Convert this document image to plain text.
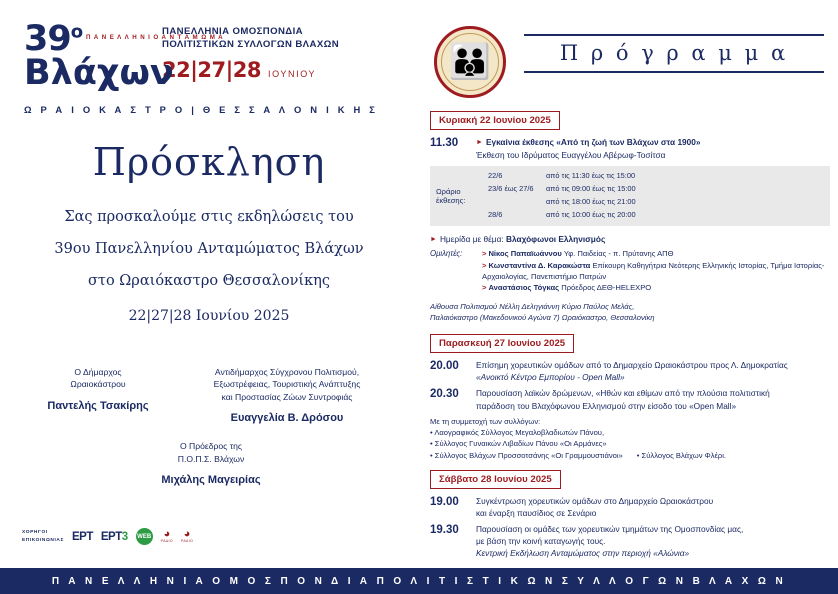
39$^o$ Π Α Ν Ε Λ Λ Η Ν Ι Ο Α Ν Τ Α Μ Ω Μ Α
Βλάχων
ΠΑΝΕΛΛΗΝΙΑ ΟΜΟΣΠΟΝΔΙΑ
ΠΟΛΙΤΙΣΤΙΚΩΝ ΣΥΛΛΟΓΩΝ ΒΛΑΧΩΝ
22|27|28 ΙΟΥΝΙΟΥ
Ω Ρ Α Ι Ο Κ Α Σ Τ Ρ Ο | Θ Ε Σ Σ Α Λ Ο Ν Ι Κ Η Σ
Πρόσκληση

Σας προσκαλούμε στις εκδηλώσεις του

39ου Πανελληνίου Ανταμώματος Βλάχων

στο Ωραιόκαστρο Θεσσαλονίκης

22|27|28 Ιουνίου 2025

Ο Δήμαρχος
Ωραιοκάστρου
Παντελής Τσακίρης
Αντιδήμαρχος Σύγχρονου Πολιτισμού,
Εξωστρέφειας, Τουριστικής Ανάπτυξης
και Προστασίας Ζώων Συντροφιάς
Ευαγγελία Β. Δρόσου
Ο Πρόεδρος της
Π.Ο.Π.Σ. Βλάχων
Μιχάλης Μαγειρίας
ΧΟΡΗΓΟΙ
ΕΠΙΚΟΙΝΩΝΙΑΣ ΕΡΤ ΕΡΤ3 WEB ◕
ΡΑΔΙΟ
◕
ΡΑΔΙΟ
👪	Π ρ ό γ ρ α μ μ α
Κυριακή 22 Ιουνίου 2025
11.30	► Εγκαίνια έκθεσης «Από τη ζωή των Βλάχων στα 1900»
Έκθεση του Ιδρύματος Ευαγγέλου Αβέρωφ-Τοσίτσα
Ωράριο έκθεσης:
22/6	από τις 11:30 έως τις 15:00
23/6 έως 27/6	από τις 09:00 έως τις 15:00
από τις 18:00 έως τις 21:00
28/6	από τις 10:00 έως τις 20:00
► Ημερίδα με θέμα: Βλαχόφωνοι Ελληνισμός
Ομιλητές:	> Νίκος Παπαϊωάννου Υφ. Παιδείας - π. Πρύτανης ΑΠΘ
> Κωνσταντίνα Δ. Καρακώστα Επίκουρη Καθηγήτρια Νεότερης Ελληνικής Ιστορίας, Τμήμα Ιστορίας-Αρχαιολογίας, Πανεπιστήμιο Πατρών
> Αναστάσιος Τόγκας Πρόεδρος ΔΕΘ-HELEXPO
Αίθουσα Πολιτισμού Νέλλη Δεληγιάννη Κύριο Παύλος Μελάς,
Παλαιόκαστρο (Μακεδονικού Αγώνα 7) Ωραιόκαστρο, Θεσσαλονίκη
Παρασκευή 27 Ιουνίου 2025
20.00	Επίσημη χορευτικών ομάδων από το Δημαρχείο Ωραιοκάστρου προς Λ. Δημοκρατίας
«Ανοικτό Κέντρο Εμπορίου - Open Mall»
20.30	Παρουσίαση λαϊκών δρώμενων, «Ηθών και εθίμων από την πλούσια πολιτιστική
παράδοση του Βλαχόφωνου Ελληνισμού στην είσοδο του «Open Mall»
Με τη συμμετοχή των συλλόγων:
• Λαογραφικός Σύλλογος Μεγαλοβλαδιωτών Πάνου,
• Σύλλογος Γυναικών Λιβαδίων Πάνου «Οι Αρμάνες»
• Σύλλογος Βλάχων Προσσοτσάνης «Οι Γραμμουστιάνοι» • Σύλλογος Βλάχων Φλέρι.
Σάββατο 28 Ιουνίου 2025
19.00	Συγκέντρωση χορευτικών ομάδων στο Δημαρχείο Ωραιοκάστρου
και έναρξη παυσίδιος σε Σενάριο
19.30	Παρουσίαση οι ομάδες των χορευτικών τμημάτων της Ομοσπονδίας μας,
με βάση την κοινή καταγωγής τους.
Κεντρική Εκδήλωση Ανταμώματος στην περιοχή «Αλώνια»
Π Α Ν Ε Λ Λ Η Ν Ι Α Ο Μ Ο Σ Π Ο Ν Δ Ι Α Π Ο Λ Ι Τ Ι Σ Τ Ι Κ Ω Ν Σ Υ Λ Λ Ο Γ Ω Ν Β Λ Α Χ Ω Ν
